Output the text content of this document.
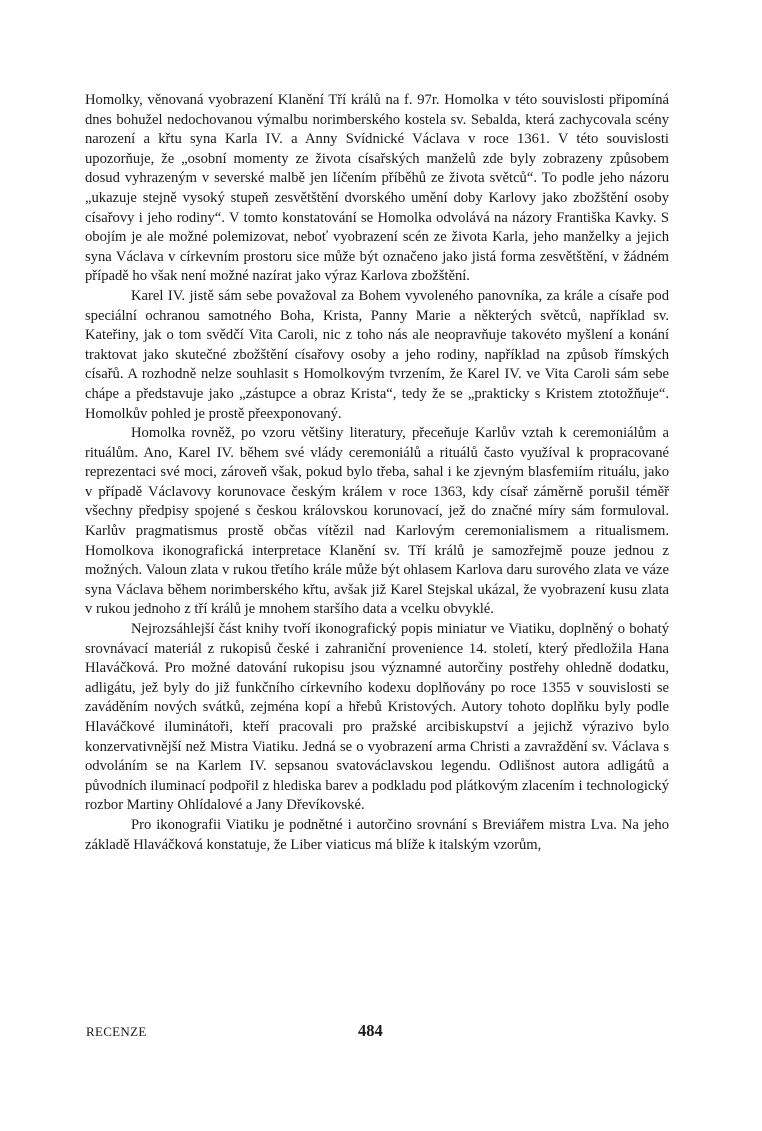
Homolky, věnovaná vyobrazení Klanění Tří králů na f. 97r. Homolka v této souvislosti připomíná dnes bohužel nedochovanou výmalbu norimberského kostela sv. Sebalda, která zachycovala scény narození a křtu syna Karla IV. a Anny Svídnické Václava v roce 1361. V této souvislosti upozorňuje, že „osobní momenty ze života císařských manželů zde byly zobrazeny způsobem dosud vyhrazeným v severské malbě jen líčením příběhů ze života světců“. To podle jeho názoru „ukazuje stejně vysoký stupeň zesvětštění dvorského umění doby Karlovy jako zbožštění osoby císařovy i jeho rodiny“. V tomto konstatování se Homolka odvolává na názory Františka Kavky. S obojím je ale možné polemizovat, neboť vyobrazení scén ze života Karla, jeho manželky a jejich syna Václava v církevním prostoru sice může být označeno jako jistá forma zesvětštění, v žádném případě ho však není možné nazírat jako výraz Karlova zbožštění.

Karel IV. jistě sám sebe považoval za Bohem vyvoleného panovníka, za krále a císaře pod speciální ochranou samotného Boha, Krista, Panny Marie a některých světců, například sv. Kateřiny, jak o tom svědčí Vita Caroli, nic z toho nás ale neopravňuje takovéto myšlení a konání traktovat jako skutečné zbožštění císařovy osoby a jeho rodiny, například na způsob římských císařů. A rozhodně nelze souhlasit s Homolkovým tvrzením, že Karel IV. ve Vita Caroli sám sebe chápe a představuje jako „zástupce a obraz Krista“, tedy že se „prakticky s Kristem ztotožňuje“. Homolkův pohled je prostě přeexponovaný.

Homolka rovněž, po vzoru většiny literatury, přeceňuje Karlův vztah k ceremoniálům a rituálům. Ano, Karel IV. během své vlády ceremoniálů a rituálů často využíval k propracované reprezentaci své moci, zároveň však, pokud bylo třeba, sahal i ke zjevným blasfemiím rituálu, jako v případě Václavovy korunovace českým králem v roce 1363, kdy císař záměrně porušil téměř všechny předpisy spojené s českou královskou korunovací, jež do značné míry sám formuloval. Karlův pragmatismus prostě občas vítězil nad Karlovým ceremonialismem a ritualismem. Homolkova ikonografická interpretace Klanění sv. Tří králů je samozřejmě pouze jednou z možných. Valoun zlata v rukou třetího krále může být ohlasem Karlova daru surového zlata ve váze syna Václava během norimberského křtu, avšak již Karel Stejskal ukázal, že vyobrazení kusu zlata v rukou jednoho z tří králů je mnohem staršího data a vcelku obvyklé.

Nejrozsáhlejší část knihy tvoří ikonografický popis miniatur ve Viatiku, doplněný o bohatý srovnávací materiál z rukopisů české i zahraniční provenience 14. století, který předložila Hana Hlaváčková. Pro možné datování rukopisu jsou významné autorčiny postřehy ohledně dodatku, adligátu, jež byly do již funkčního církevního kodexu doplňovány po roce 1355 v souvislosti se zaváděním nových svátků, zejména kopí a hřebů Kristových. Autory tohoto doplňku byly podle Hlaváčkové iluminátoři, kteří pracovali pro pražské arcibiskupství a jejichž výrazivo bylo konzervativnější než Mistra Viatiku. Jedná se o vyobrazení arma Christi a zavraždění sv. Václava s odvoláním se na Karlem IV. sepsanou svatováclavskou legendu. Odlišnost autora adligátů a původních iluminací podpořil z hlediska barev a podkladu pod plátkovým zlacením i technologický rozbor Martiny Ohlídalové a Jany Dřevíkovské.

Pro ikonografii Viatiku je podnětné i autorčino srovnání s Breviářem mistra Lva. Na jeho základě Hlaváčková konstatuje, že Liber viaticus má blíže k italským vzorům,

RECENZE	484
